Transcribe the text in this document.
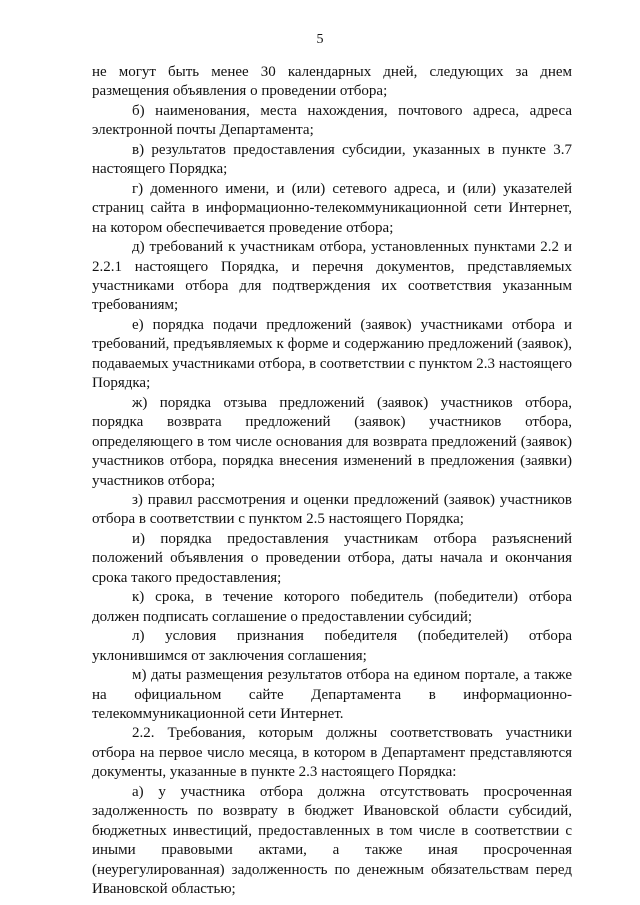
5

не могут быть менее 30 календарных дней, следующих за днем размещения объявления о проведении отбора;

б) наименования, места нахождения, почтового адреса, адреса электронной почты Департамента;

в) результатов предоставления субсидии, указанных в пункте 3.7 настоящего Порядка;

г) доменного имени, и (или) сетевого адреса, и (или) указателей страниц сайта в информационно-телекоммуникационной сети Интернет, на котором обеспечивается проведение отбора;

д) требований к участникам отбора, установленных пунктами 2.2 и 2.2.1 настоящего Порядка, и перечня документов, представляемых участниками отбора для подтверждения их соответствия указанным требованиям;

е) порядка подачи предложений (заявок) участниками отбора и требований, предъявляемых к форме и содержанию предложений (заявок), подаваемых участниками отбора, в соответствии с пунктом 2.3 настоящего Порядка;

ж) порядка отзыва предложений (заявок) участников отбора, порядка возврата предложений (заявок) участников отбора, определяющего в том числе основания для возврата предложений (заявок) участников отбора, порядка внесения изменений в предложения (заявки) участников отбора;

з) правил рассмотрения и оценки предложений (заявок) участников отбора в соответствии с пунктом 2.5 настоящего Порядка;

и) порядка предоставления участникам отбора разъяснений положений объявления о проведении отбора, даты начала и окончания срока такого предоставления;

к) срока, в течение которого победитель (победители) отбора должен подписать соглашение о предоставлении субсидий;

л) условия признания победителя (победителей) отбора уклонившимся от заключения соглашения;

м) даты размещения результатов отбора на едином портале, а также на официальном сайте Департамента в информационно-телекоммуникационной сети Интернет.

2.2. Требования, которым должны соответствовать участники отбора на первое число месяца, в котором в Департамент представляются документы, указанные в пункте 2.3 настоящего Порядка:

а) у участника отбора должна отсутствовать просроченная задолженность по возврату в бюджет Ивановской области субсидий, бюджетных инвестиций, предоставленных в том числе в соответствии с иными правовыми актами, а также иная просроченная (неурегулированная) задолженность по денежным обязательствам перед Ивановской областью;
